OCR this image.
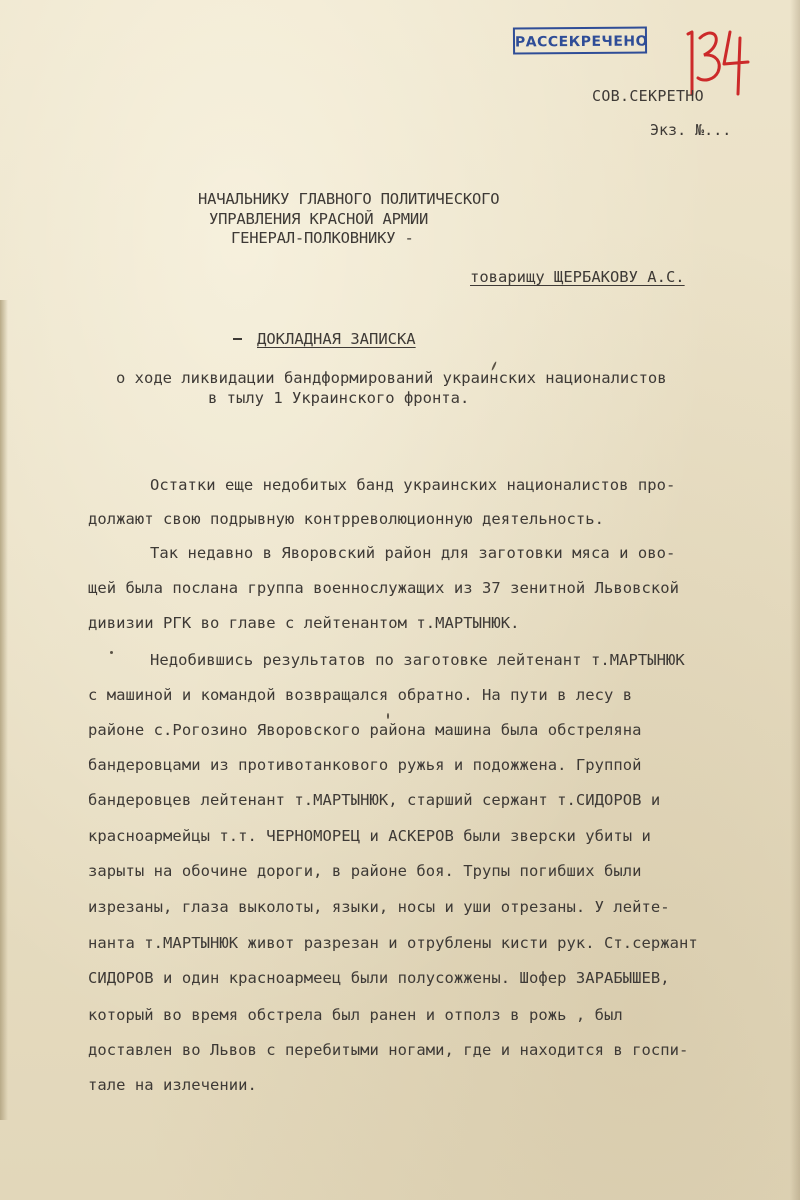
РАССЕКРЕЧЕНО
СОВ.СЕКРЕТНО
Экз. №...
НАЧАЛЬНИКУ ГЛАВНОГО ПОЛИТИЧЕСКОГО
УПРАВЛЕНИЯ КРАСНОЙ АРМИИ
ГЕНЕРАЛ-ПОЛКОВНИКУ -
товарищу ЩЕРБАКОВУ А.С.
ДОКЛАДНАЯ ЗАПИСКА
о ходе ликвидации бандформирований украинских националистов
в тылу 1 Украинского фронта.
Остатки еще недобитых банд украинских националистов про-
должают свою подрывную контрреволюционную деятельность.
Так недавно в Яворовский район для заготовки мяса и ово-
щей была послана группа военнослужащих из 37 зенитной Львовской
дивизии РГК во главе с лейтенантом т.МАРТЫНЮК.
Недобившись результатов по заготовке лейтенант т.МАРТЫНЮК
с машиной и командой возвращался обратно. На пути в лесу в
районе с.Рогозино Яворовского района машина была обстреляна
бандеровцами из противотанкового ружья и подожжена. Группой
бандеровцев лейтенант т.МАРТЫНЮК, старший сержант т.СИДОРОВ и
красноармейцы т.т. ЧЕРНОМОРЕЦ и АСКЕРОВ были зверски убиты и
зарыты на обочине дороги, в районе боя. Трупы погибших были
изрезаны, глаза выколоты, языки, носы и уши отрезаны. У лейте-
нанта т.МАРТЫНЮК живот разрезан и отрублены кисти рук. Ст.сержант
СИДОРОВ и один красноармеец были полусожжены. Шофер ЗАРАБЫШЕВ,
который во время обстрела был ранен и отполз в рожь , был
доставлен во Львов с перебитыми ногами, где и находится в госпи-
тале на излечении.
